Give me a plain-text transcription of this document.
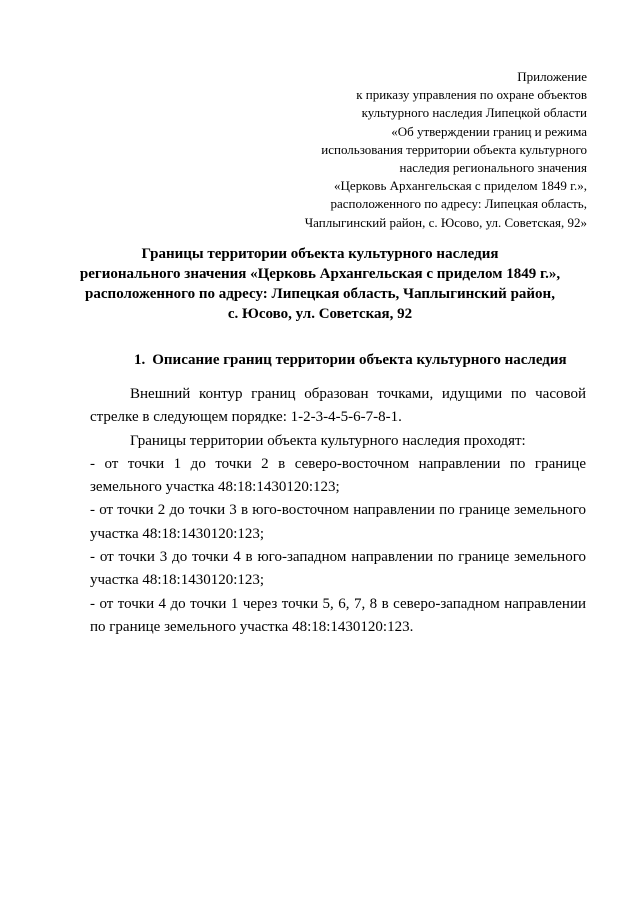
Приложение
к приказу управления по охране объектов
культурного наследия Липецкой области
«Об утверждении границ и режима
использования территории объекта культурного
наследия регионального значения
«Церковь Архангельская с приделом 1849 г.»,
расположенного по адресу: Липецкая область,
Чаплыгинский район, с. Юсово, ул. Советская, 92»
Границы территории объекта культурного наследия
регионального значения «Церковь Архангельская с приделом 1849 г.»,
расположенного по адресу: Липецкая область, Чаплыгинский район,
с. Юсово, ул. Советская, 92
1. Описание границ территории объекта культурного наследия
Внешний контур границ образован точками, идущими по часовой стрелке в следующем порядке: 1-2-3-4-5-6-7-8-1.
Границы территории объекта культурного наследия проходят:
- от точки 1 до точки 2 в северо-восточном направлении по границе земельного участка 48:18:1430120:123;
- от точки 2 до точки 3 в юго-восточном направлении по границе земельного участка 48:18:1430120:123;
- от точки 3 до точки 4 в юго-западном направлении по границе земельного участка 48:18:1430120:123;
- от точки 4 до точки 1 через точки 5, 6, 7, 8 в северо-западном направлении по границе земельного участка 48:18:1430120:123.
